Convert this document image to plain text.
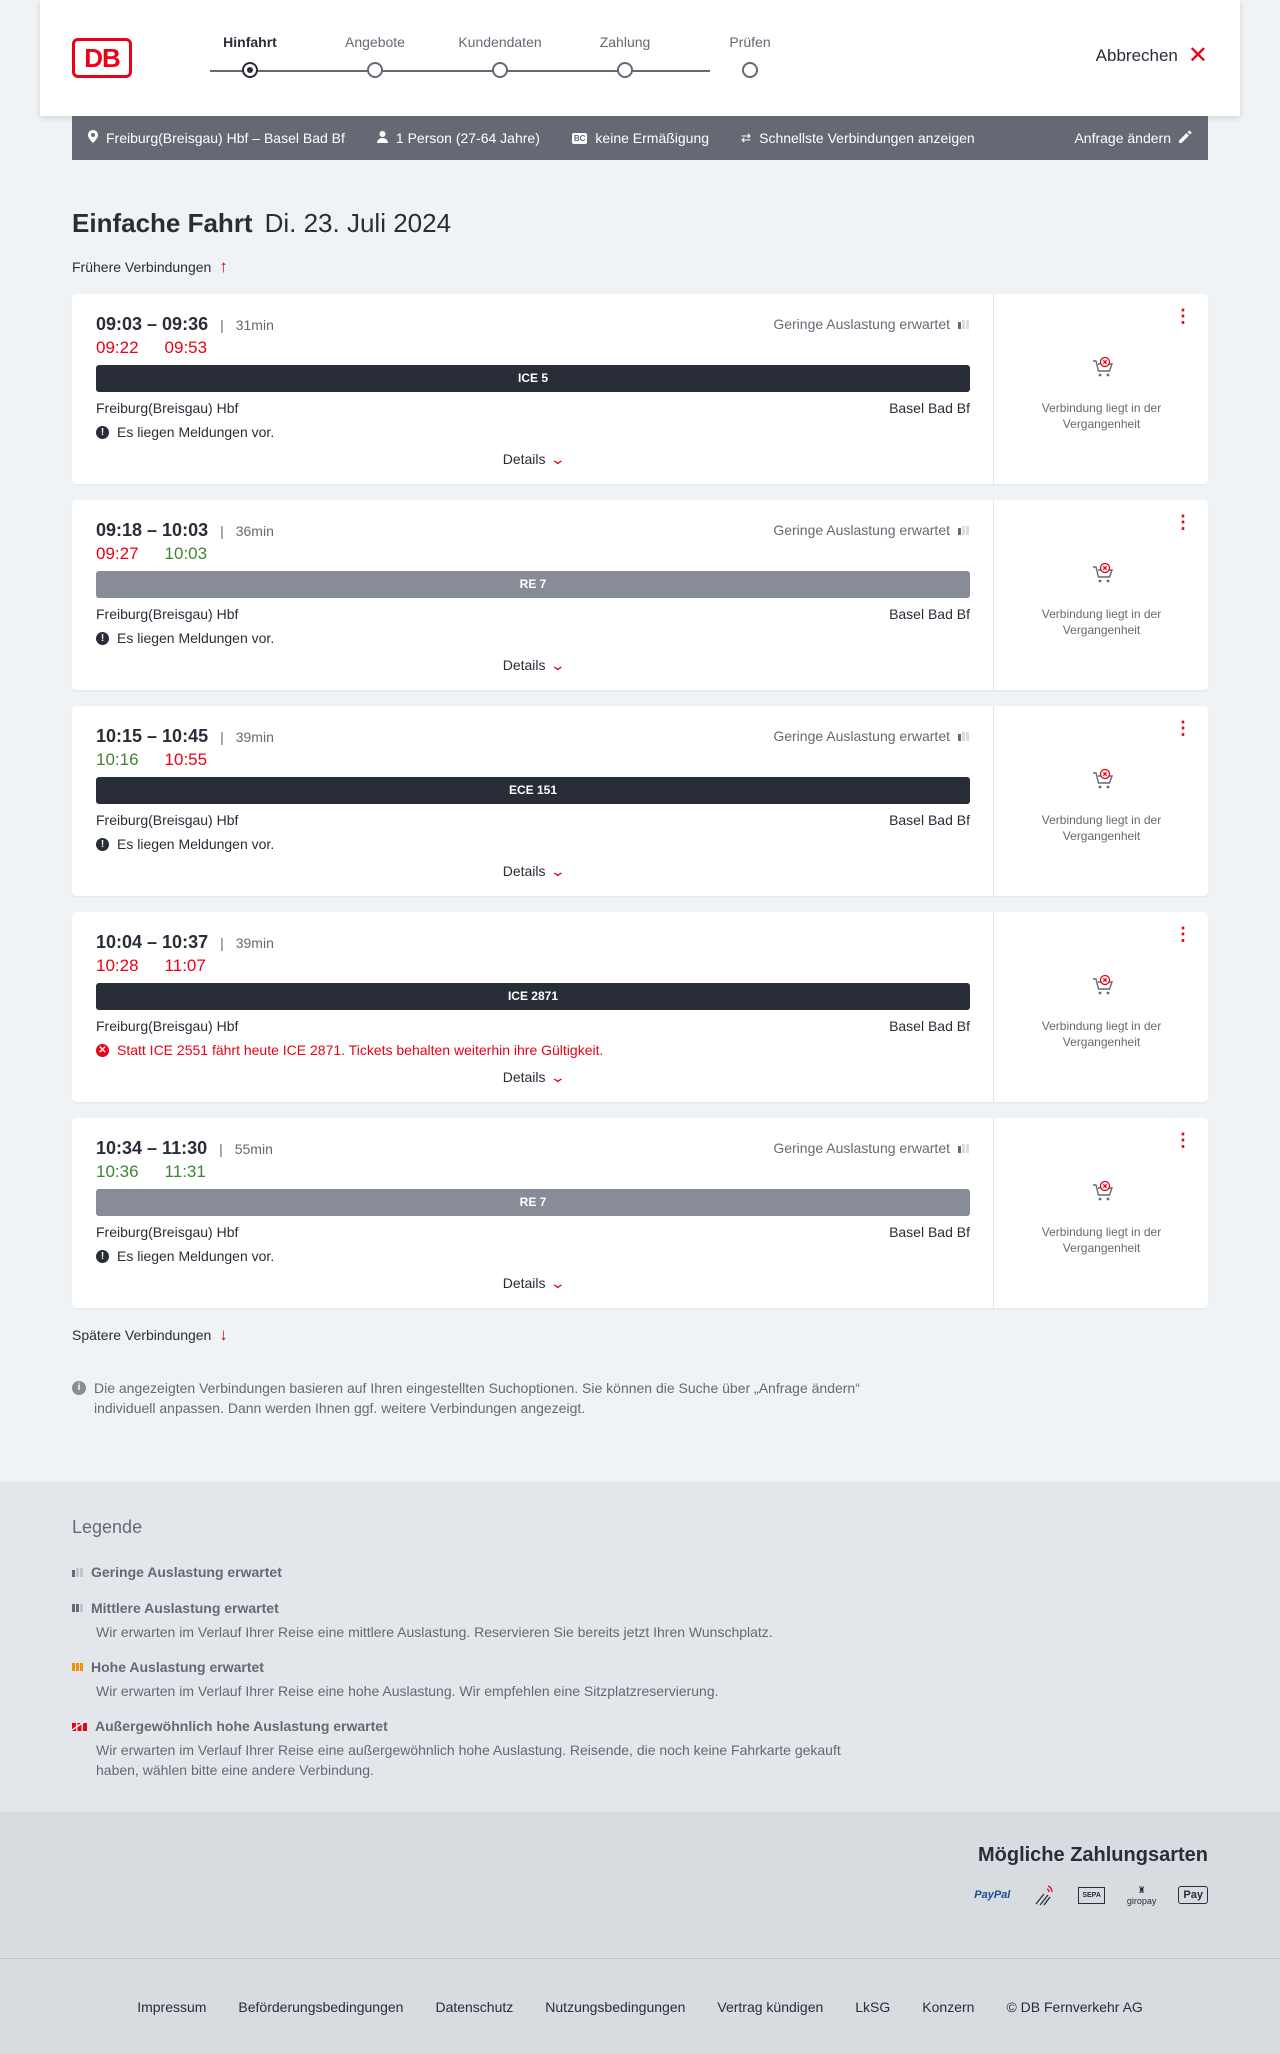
DB
Hinfahrt	Angebote	Kundendaten	Zahlung	Prüfen
Abbrechen ✕
Freiburg(Breisgau) Hbf – Basel Bad Bf	1 Person (27-64 Jahre)	BC keine Ermäßigung	⇄ Schnellste Verbindungen anzeigen	Anfrage ändern
Einfache Fahrt Di. 23. Juli 2024
Frühere Verbindungen ↑
09:03 – 09:36 | 31min	Geringe Auslastung erwartet
09:22 09:53
ICE 5
Freiburg(Breisgau) Hbf	Basel Bad Bf
! Es liegen Meldungen vor.
Details ⌄
⋮
Verbindung liegt in der Vergangenheit
09:18 – 10:03 | 36min	Geringe Auslastung erwartet
09:27 10:03
RE 7
Freiburg(Breisgau) Hbf	Basel Bad Bf
! Es liegen Meldungen vor.
Details ⌄
⋮
Verbindung liegt in der Vergangenheit
10:15 – 10:45 | 39min	Geringe Auslastung erwartet
10:16 10:55
ECE 151
Freiburg(Breisgau) Hbf	Basel Bad Bf
! Es liegen Meldungen vor.
Details ⌄
⋮
Verbindung liegt in der Vergangenheit
10:04 – 10:37 | 39min
10:28 11:07
ICE 2871
Freiburg(Breisgau) Hbf	Basel Bad Bf
✕ Statt ICE 2551 fährt heute ICE 2871. Tickets behalten weiterhin ihre Gültigkeit.
Details ⌄
⋮
Verbindung liegt in der Vergangenheit
10:34 – 11:30 | 55min	Geringe Auslastung erwartet
10:36 11:31
RE 7
Freiburg(Breisgau) Hbf	Basel Bad Bf
! Es liegen Meldungen vor.
Details ⌄
⋮
Verbindung liegt in der Vergangenheit
Spätere Verbindungen ↓
i Die angezeigten Verbindungen basieren auf Ihren eingestellten Suchoptionen. Sie können die Suche über „Anfrage ändern“ individuell anpassen. Dann werden Ihnen ggf. weitere Verbindungen angezeigt.
Legende
Geringe Auslastung erwartet
Mittlere Auslastung erwartet
Wir erwarten im Verlauf Ihrer Reise eine mittlere Auslastung. Reservieren Sie bereits jetzt Ihren Wunschplatz.
Hohe Auslastung erwartet
Wir erwarten im Verlauf Ihrer Reise eine hohe Auslastung. Wir empfehlen eine Sitzplatzreservierung.
Außergewöhnlich hohe Auslastung erwartet
Wir erwarten im Verlauf Ihrer Reise eine außergewöhnlich hohe Auslastung. Reisende, die noch keine Fahrkarte gekauft haben, wählen bitte eine andere Verbindung.
Mögliche Zahlungsarten
PayPal	SEPA
♜
giropay Pay
Impressum Beförderungsbedingungen Datenschutz Nutzungsbedingungen Vertrag kündigen LkSG Konzern © DB Fernverkehr AG
